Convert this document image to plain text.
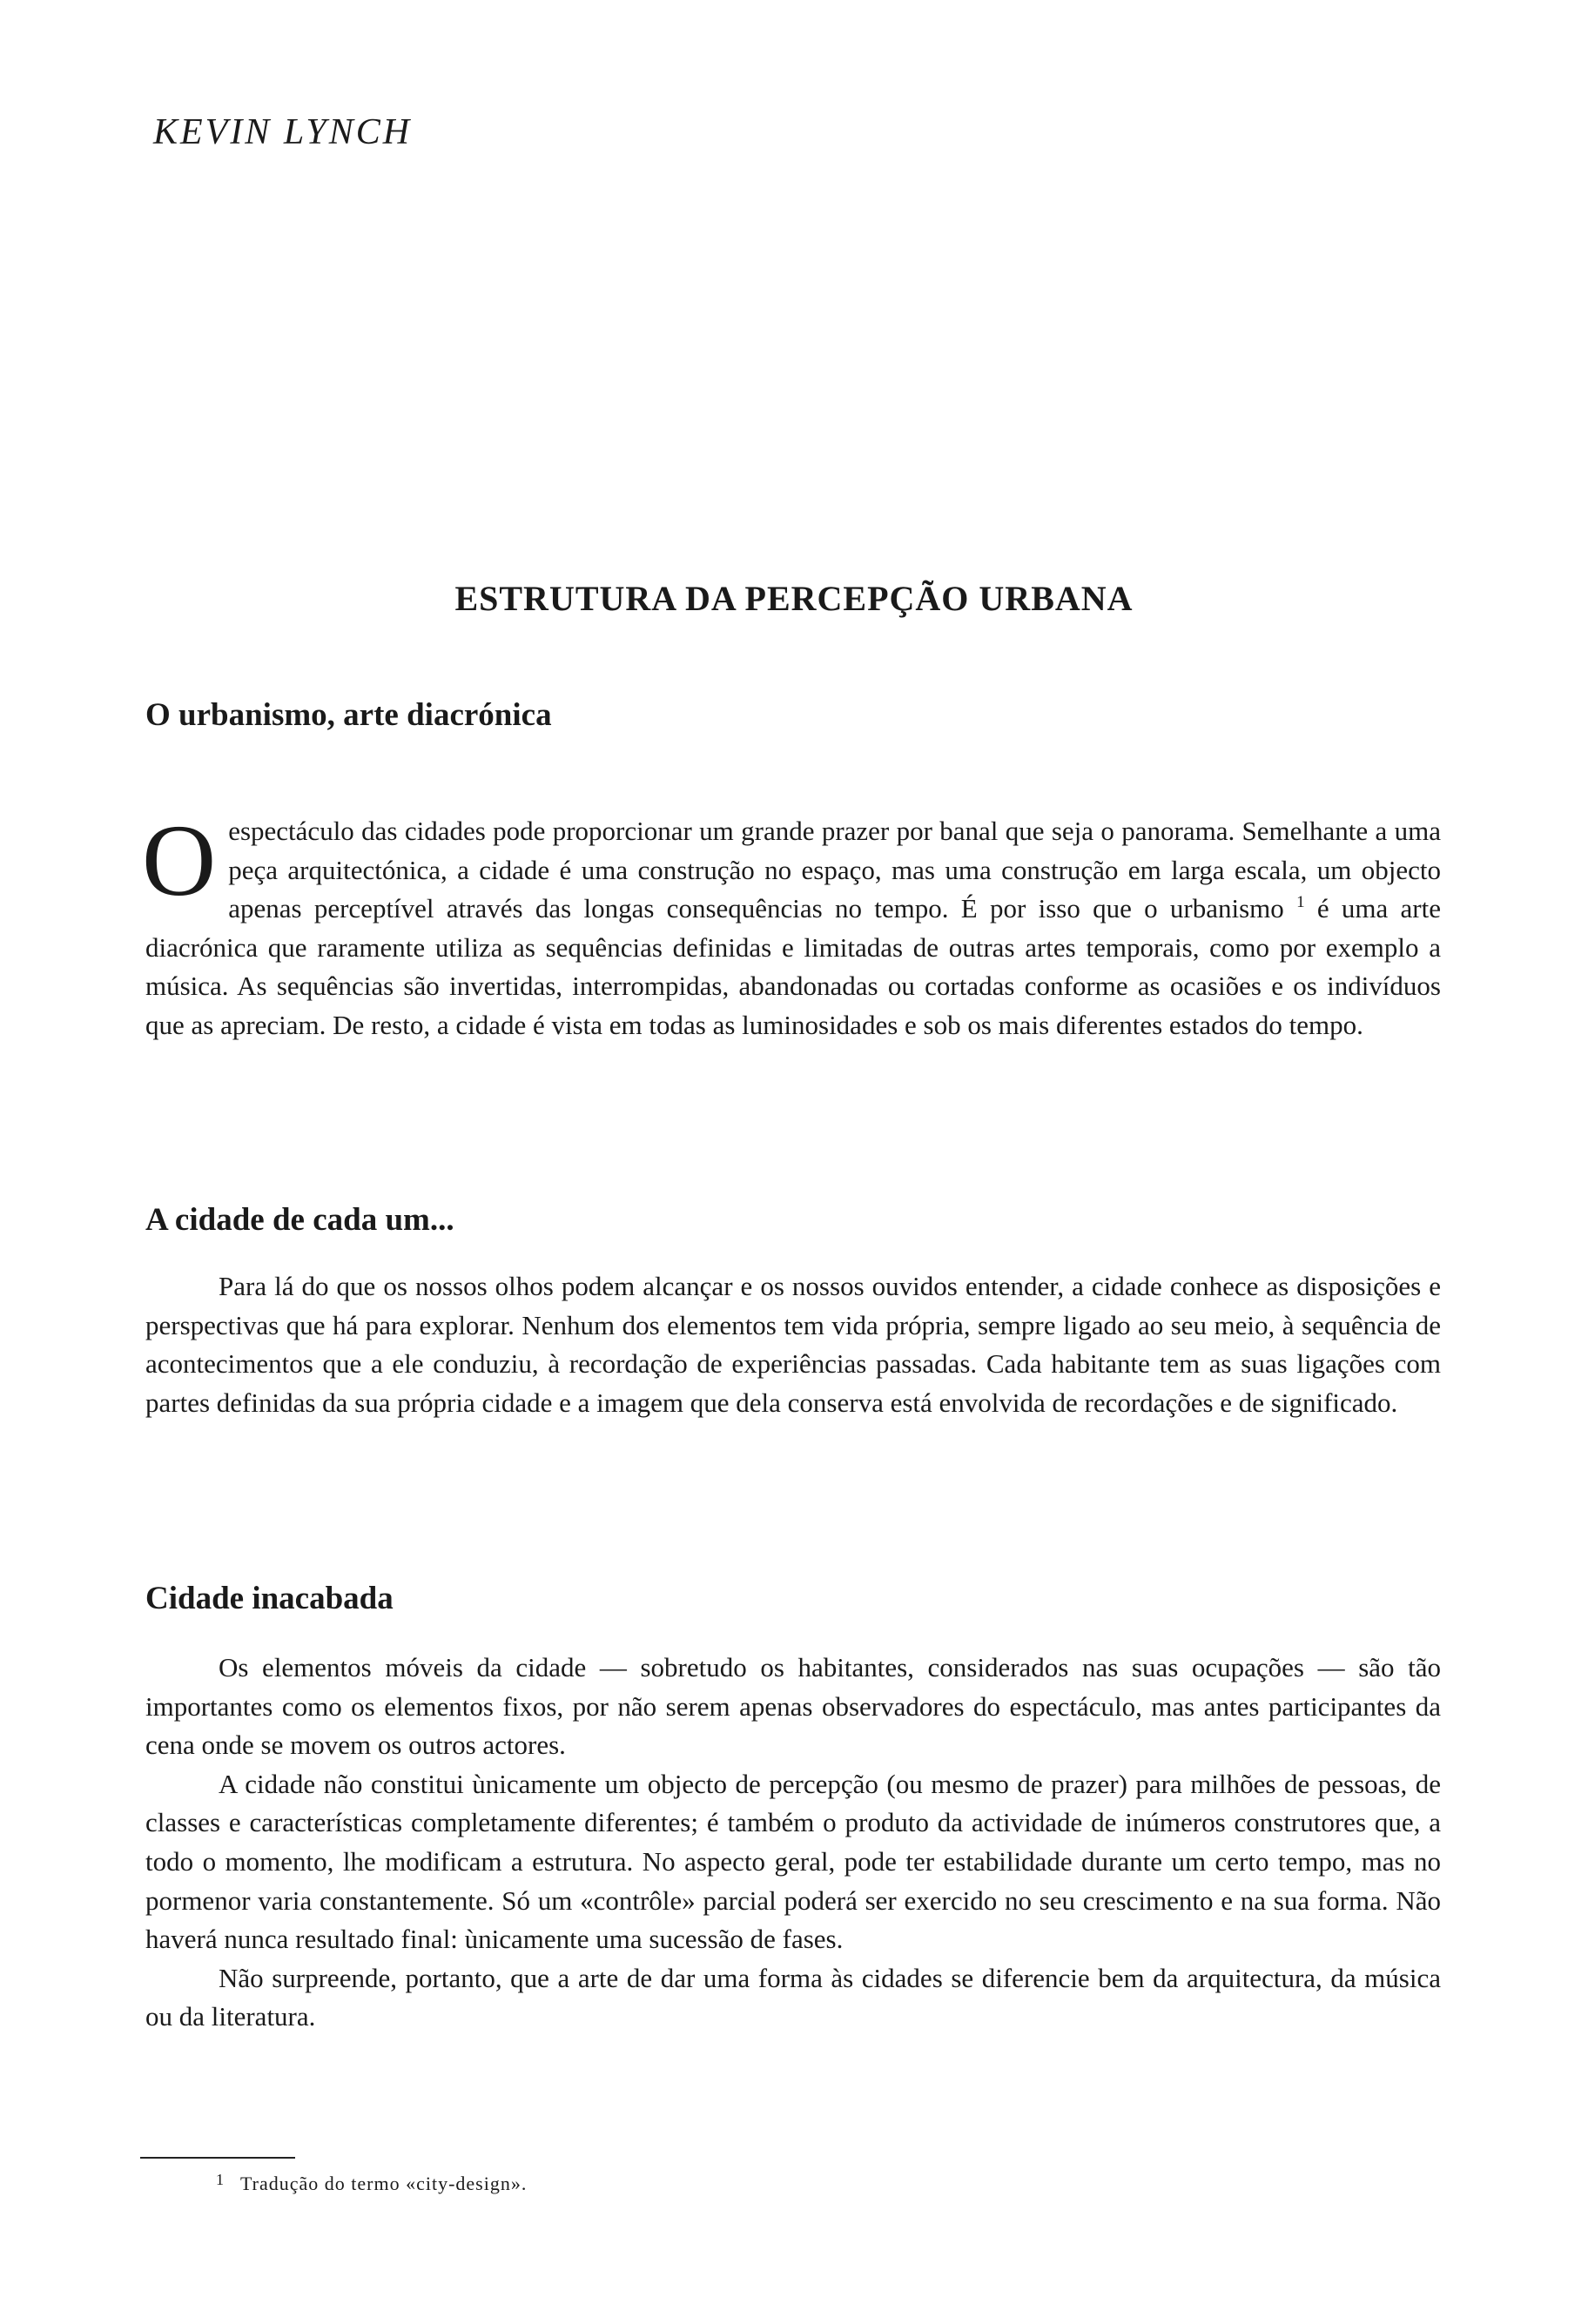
KEVIN LYNCH
ESTRUTURA DA PERCEPÇÃO URBANA
O urbanismo, arte diacrónica

Oespectáculo das cidades pode proporcionar um grande prazer por banal que seja o panorama. Semelhante a uma peça arquitectónica, a cidade é uma construção no espaço, mas uma construção em larga escala, um objecto apenas perceptível através das longas consequências no tempo. É por isso que o urbanismo $^1$ é uma arte diacrónica que raramente utiliza as sequências definidas e limitadas de outras artes temporais, como por exemplo a música. As sequências são invertidas, interrompidas, abandonadas ou cortadas conforme as ocasiões e os indivíduos que as apreciam. De resto, a cidade é vista em todas as luminosidades e sob os mais diferentes estados do tempo.

A cidade de cada um...

Para lá do que os nossos olhos podem alcançar e os nossos ouvidos entender, a cidade conhece as disposições e perspectivas que há para explorar. Nenhum dos elementos tem vida própria, sempre ligado ao seu meio, à sequência de acontecimentos que a ele conduziu, à recordação de experiências passadas. Cada habitante tem as suas ligações com partes definidas da sua própria cidade e a imagem que dela conserva está envolvida de recordações e de significado.

Cidade inacabada

Os elementos móveis da cidade — sobretudo os habitantes, considerados nas suas ocupações — são tão importantes como os elementos fixos, por não serem apenas observadores do espectáculo, mas antes participantes da cena onde se movem os outros actores.

A cidade não constitui ùnicamente um objecto de percepção (ou mesmo de prazer) para milhões de pessoas, de classes e características completamente diferentes; é também o produto da actividade de inúmeros construtores que, a todo o momento, lhe modificam a estrutura. No aspecto geral, pode ter estabilidade durante um certo tempo, mas no pormenor varia constantemente. Só um «contrôle» parcial poderá ser exercido no seu crescimento e na sua forma. Não haverá nunca resultado final: ùnicamente uma sucessão de fases.

Não surpreende, portanto, que a arte de dar uma forma às cidades se diferencie bem da arquitectura, da música ou da literatura.

$^1$ Tradução do termo «city-design».
